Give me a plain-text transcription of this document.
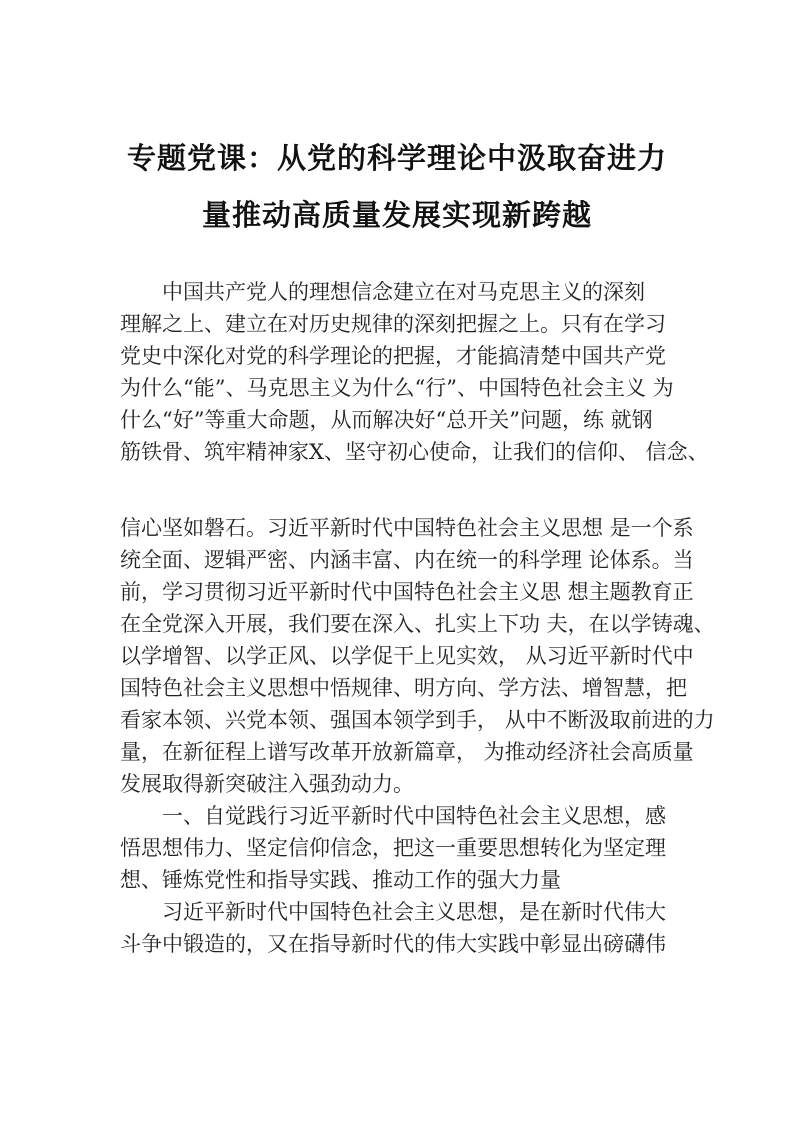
专题党课：从党的科学理论中汲取奋进力
量推动高质量发展实现新跨越
中国共产党人的理想信念建立在对马克思主义的深刻
理解之上、建立在对历史规律的深刻把握之上。只有在学习
党史中深化对党的科学理论的把握，才能搞清楚中国共产党
为什么“能”、马克思主义为什么“行”、中国特色社会主义 为
什么“好”等重大命题，从而解决好“总开关”问题，练 就钢
筋铁骨、筑牢精神家X、坚守初心使命，让我们的信仰、 信念、
信心坚如磐石。习近平新时代中国特色社会主义思想 是一个系
统全面、逻辑严密、内涵丰富、内在统一的科学理 论体系。当
前，学习贯彻习近平新时代中国特色社会主义思 想主题教育正
在全党深入开展，我们要在深入、扎实上下功 夫，在以学铸魂、
以学增智、以学正风、以学促干上见实效， 从习近平新时代中
国特色社会主义思想中悟规律、明方向、学方法、增智慧，把
看家本领、兴党本领、强国本领学到手， 从中不断汲取前进的力
量，在新征程上谱写改革开放新篇章， 为推动经济社会高质量
发展取得新突破注入强劲动力。
一、自觉践行习近平新时代中国特色社会主义思想，感
悟思想伟力、坚定信仰信念，把这一重要思想转化为坚定理
想、锤炼党性和指导实践、推动工作的强大力量
习近平新时代中国特色社会主义思想，是在新时代伟大
斗争中锻造的，又在指导新时代的伟大实践中彰显出磅礴伟
